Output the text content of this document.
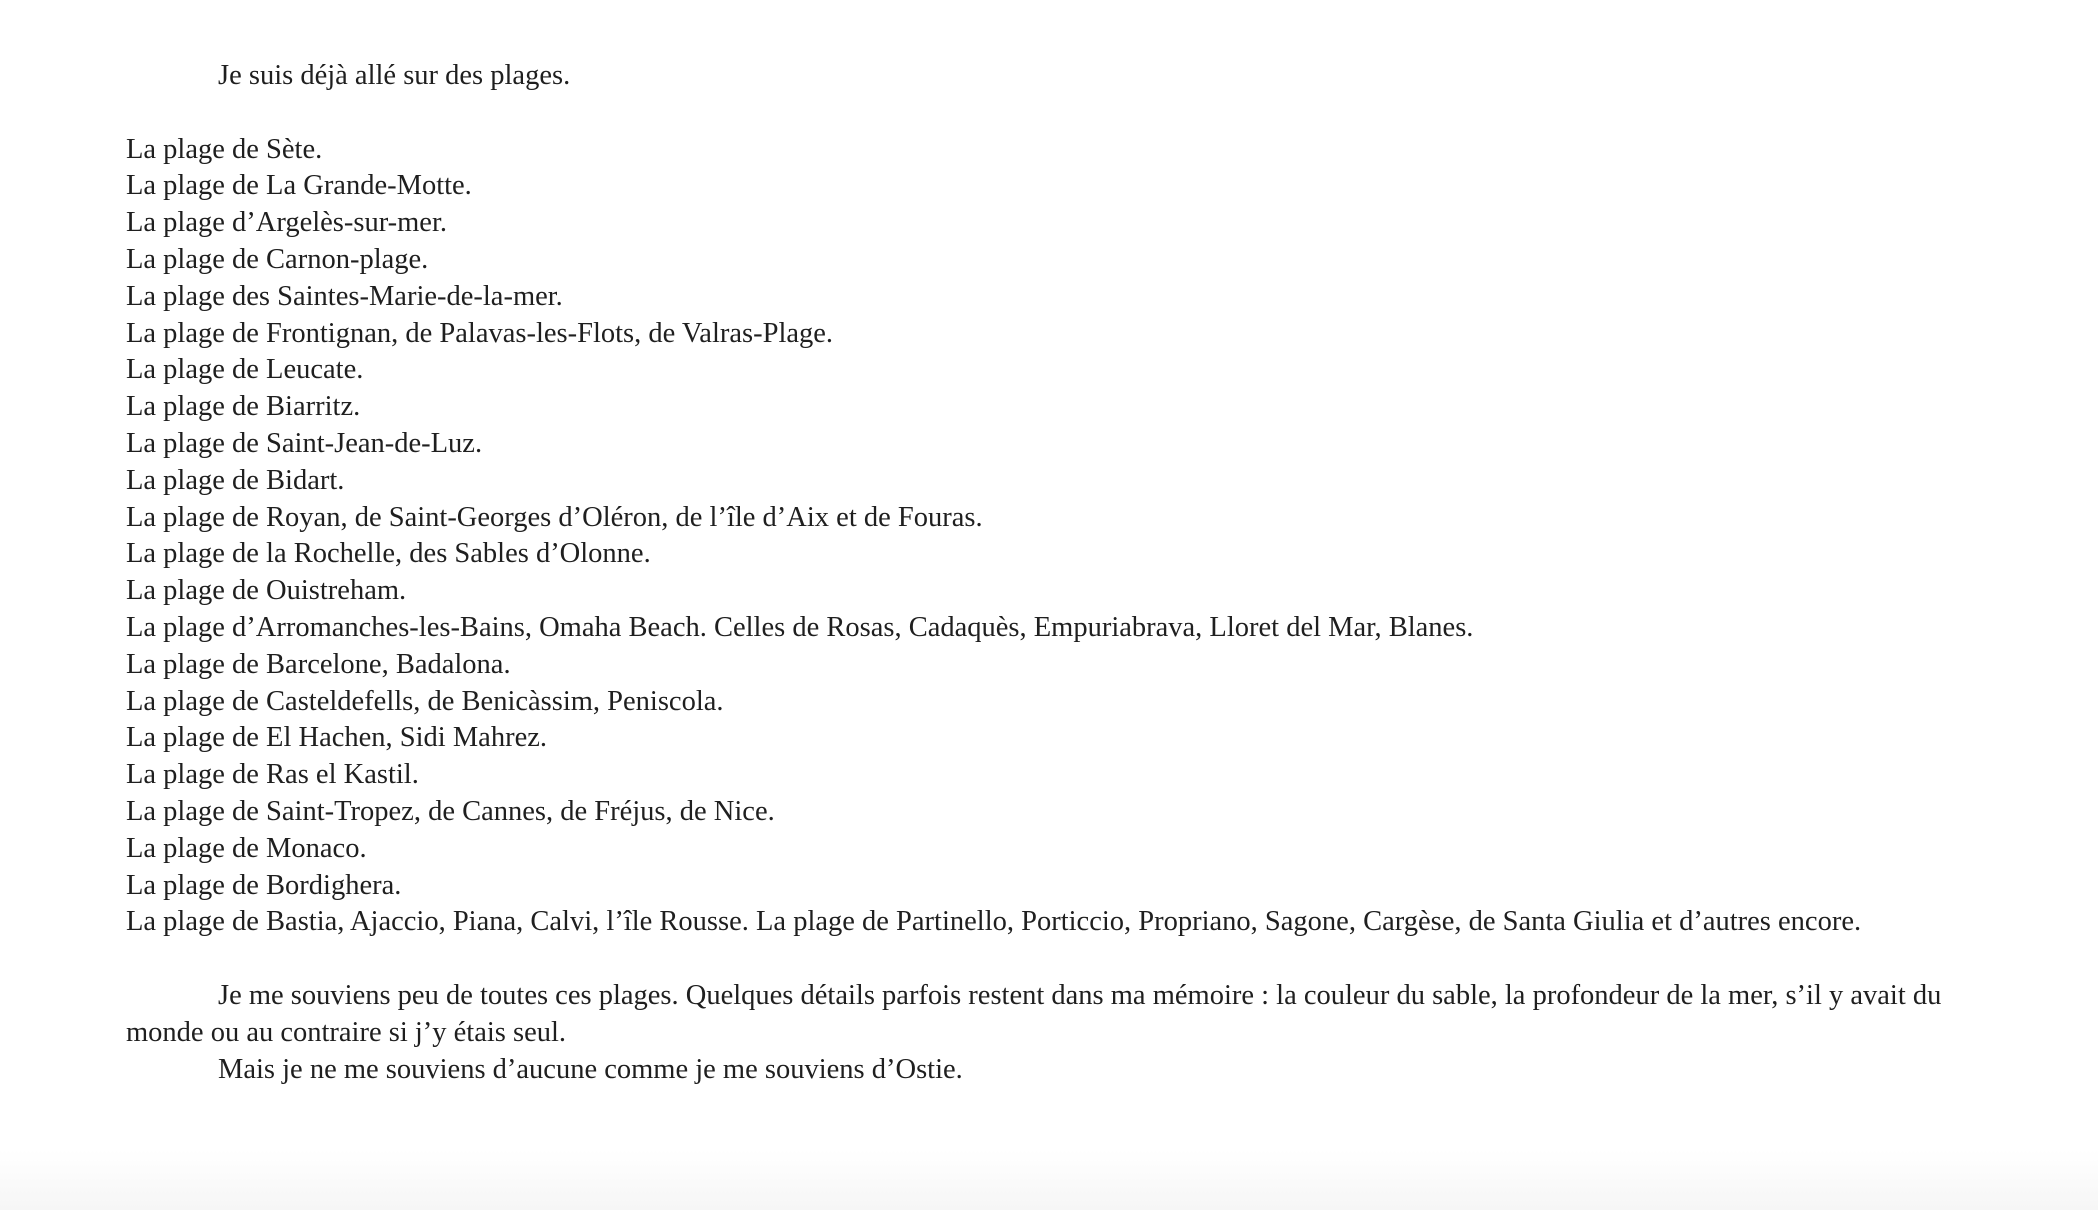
Je suis déjà allé sur des plages.

La plage de Sète.

La plage de La Grande-Motte.

La plage d’Argelès-sur-mer.

La plage de Carnon-plage.

La plage des Saintes-Marie-de-la-mer.

La plage de Frontignan, de Palavas-les-Flots, de Valras-Plage.

La plage de Leucate.

La plage de Biarritz.

La plage de Saint-Jean-de-Luz.

La plage de Bidart.

La plage de Royan, de Saint-Georges d’Oléron, de l’île d’Aix et de Fouras.

La plage de la Rochelle, des Sables d’Olonne.

La plage de Ouistreham.

La plage d’Arromanches-les-Bains, Omaha Beach. Celles de Rosas, Cadaquès, Empuriabrava, Lloret del Mar, Blanes.

La plage de Barcelone, Badalona.

La plage de Casteldefells, de Benicàssim, Peniscola.

La plage de El Hachen, Sidi Mahrez.

La plage de Ras el Kastil.

La plage de Saint-Tropez, de Cannes, de Fréjus, de Nice.

La plage de Monaco.

La plage de Bordighera.

La plage de Bastia, Ajaccio, Piana, Calvi, l’île Rousse. La plage de Partinello, Porticcio, Propriano, Sagone, Cargèse, de Santa Giulia et d’autres encore.

Je me souviens peu de toutes ces plages. Quelques détails parfois restent dans ma mémoire : la couleur du sable, la profondeur de la mer, s’il y avait du monde ou au contraire si j’y étais seul.

Mais je ne me souviens d’aucune comme je me souviens d’Ostie.
